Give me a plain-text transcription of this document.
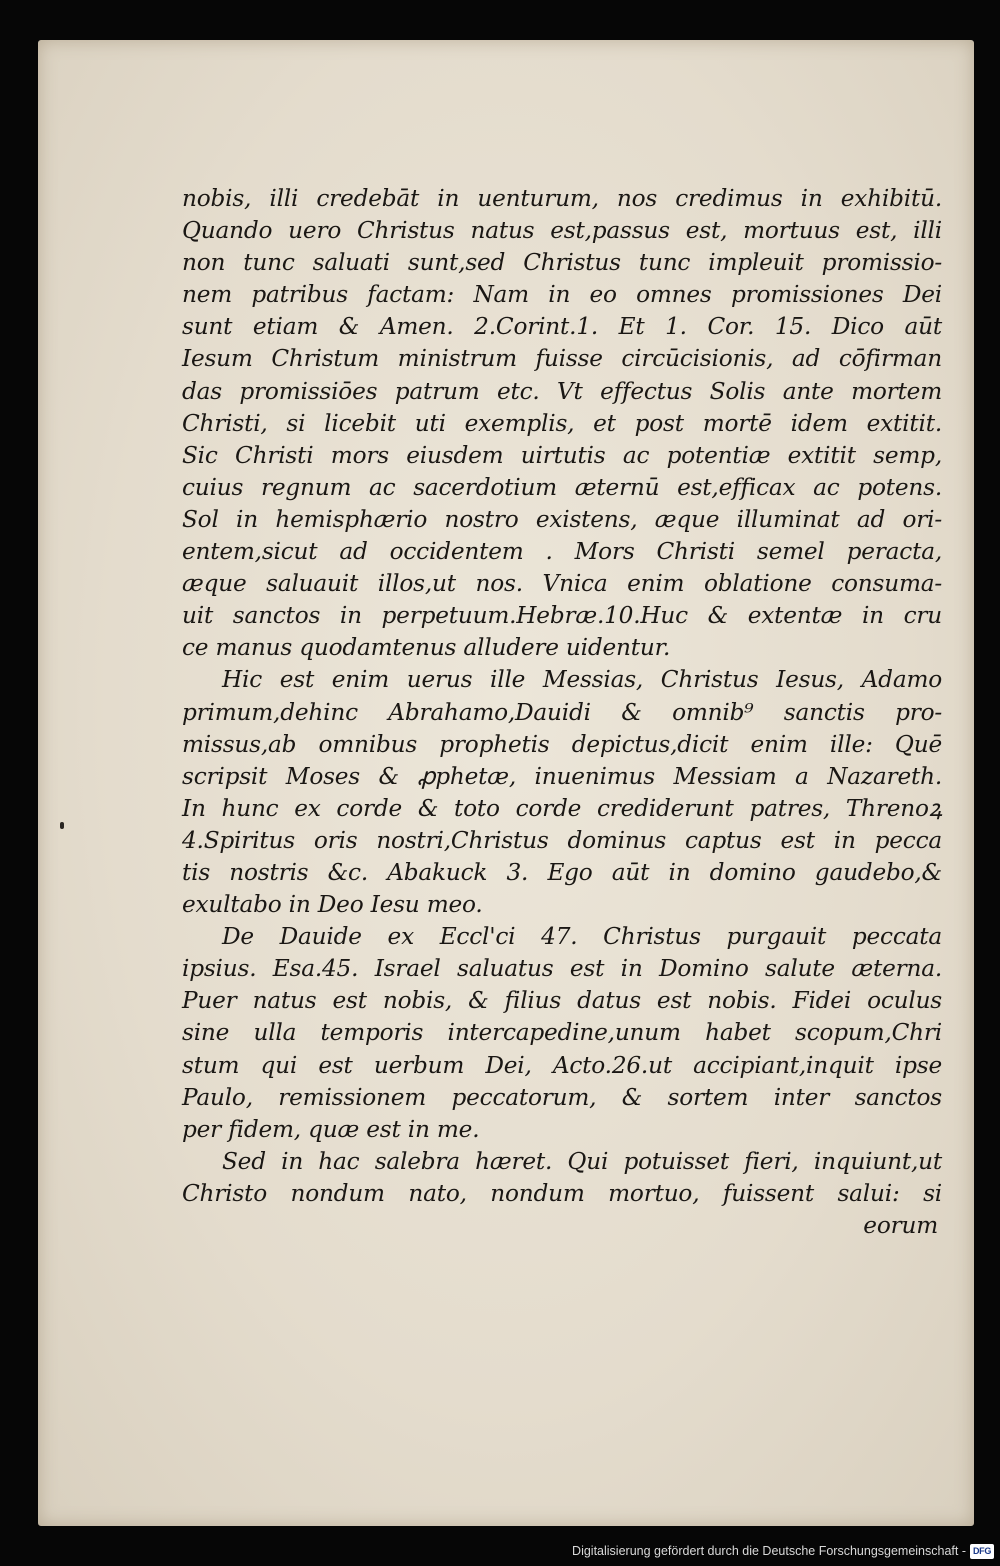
nobis, illi credebāt in uenturum, nos credimus in exhibitū.
Quando uero Christus natus est,passus est, mortuus est, illi
non tunc saluati sunt,sed Christus tunc impleuit promissio-
nem patribus factam: Nam in eo omnes promissiones Dei
sunt etiam & Amen. 2.Corint.1. Et 1. Cor. 15. Dico aūt
Iesum Christum ministrum fuisse circūcisionis, ad cōfirman
das promissiōes patrum etc. Vt effectus Solis ante mortem
Christi, si licebit uti exemplis, et post mortē idem extitit.
Sic Christi mors eiusdem uirtutis ac potentiæ extitit semp,
cuius regnum ac sacerdotium æternū est,efficax ac potens.
Sol in hemisphærio nostro existens, æque illuminat ad ori-
entem,sicut ad occidentem . Mors Christi semel peracta,
æque saluauit illos,ut nos. Vnica enim oblatione consuma-
uit sanctos in perpetuum.Hebræ.10.Huc & extentæ in cru
ce manus quodamtenus alludere uidentur.
Hic est enim uerus ille Messias, Christus Iesus, Adamo
primum,dehinc Abrahamo,Dauidi & omnib⁹ sanctis pro-
missus,ab omnibus prophetis depictus,dicit enim ille: Quē
scripsit Moses & ꝓphetæ, inuenimus Messiam a Nazareth.
In hunc ex corde & toto corde crediderunt patres, Threnoꝝ
4.Spiritus oris nostri,Christus dominus captus est in pecca
tis nostris &c. Abakuck 3. Ego aūt in domino gaudebo,&
exultabo in Deo Iesu meo.
De Dauide ex Eccl'ci 47. Christus purgauit peccata
ipsius. Esa.45. Israel saluatus est in Domino salute æterna.
Puer natus est nobis, & filius datus est nobis. Fidei oculus
sine ulla temporis intercapedine,unum habet scopum,Chri
stum qui est uerbum Dei, Acto.26.ut accipiant,inquit ipse
Paulo, remissionem peccatorum, & sortem inter sanctos
per fidem, quæ est in me.
Sed in hac salebra hæret. Qui potuisset fieri, inquiunt,ut
Christo nondum nato, nondum mortuo, fuissent salui: si
eorum
Digitalisierung gefördert durch die Deutsche Forschungsgemeinschaft - DFG
